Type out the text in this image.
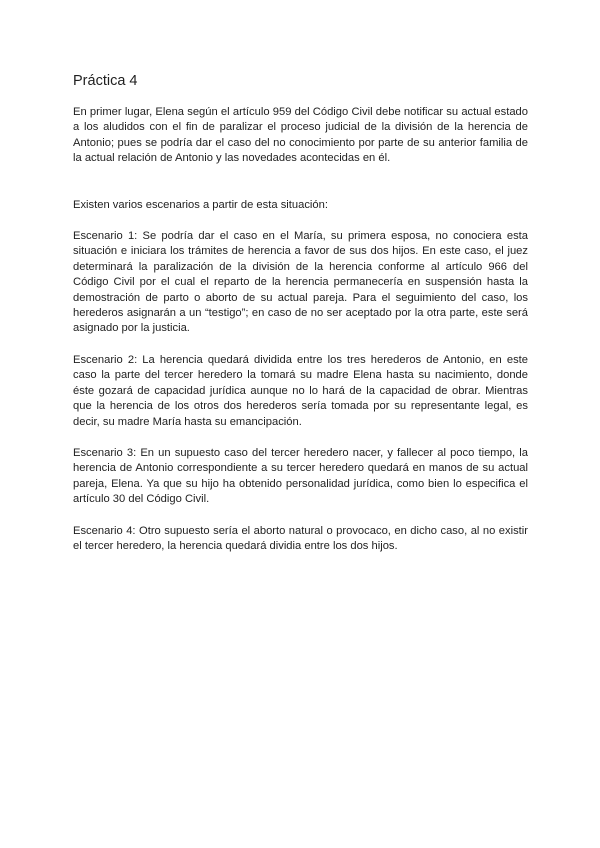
Práctica 4

En primer lugar, Elena según el artículo 959 del Código Civil debe notificar su actual estado a los aludidos con el fin de paralizar el proceso judicial de la división de la herencia de Antonio; pues se podría dar el caso del no conocimiento por parte de su anterior familia de la actual relación de Antonio y las novedades acontecidas en él.

Existen varios escenarios a partir de esta situación:

Escenario 1: Se podría dar el caso en el María, su primera esposa, no conociera esta situación e iniciara los trámites de herencia a favor de sus dos hijos. En este caso, el juez determinará la paralización de la división de la herencia conforme al artículo 966 del Código Civil por el cual el reparto de la herencia permanecería en suspensión hasta la demostración de parto o aborto de su actual pareja. Para el seguimiento del caso, los herederos asignarán a un “testigo”; en caso de no ser aceptado por la otra parte, este será asignado por la justicia.

Escenario 2: La herencia quedará dividida entre los tres herederos de Antonio, en este caso la parte del tercer heredero la tomará su madre Elena hasta su nacimiento, donde éste gozará de capacidad jurídica aunque no lo hará de la capacidad de obrar. Mientras que la herencia de los otros dos herederos sería tomada por su representante legal, es decir, su madre María hasta su emancipación.

Escenario 3: En un supuesto caso del tercer heredero nacer, y fallecer al poco tiempo, la herencia de Antonio correspondiente a su tercer heredero quedará en manos de su actual pareja, Elena. Ya que su hijo ha obtenido personalidad jurídica, como bien lo especifica el artículo 30 del Código Civil.

Escenario 4: Otro supuesto sería el aborto natural o provocaco, en dicho caso, al no existir el tercer heredero, la herencia quedará dividia entre los dos hijos.
